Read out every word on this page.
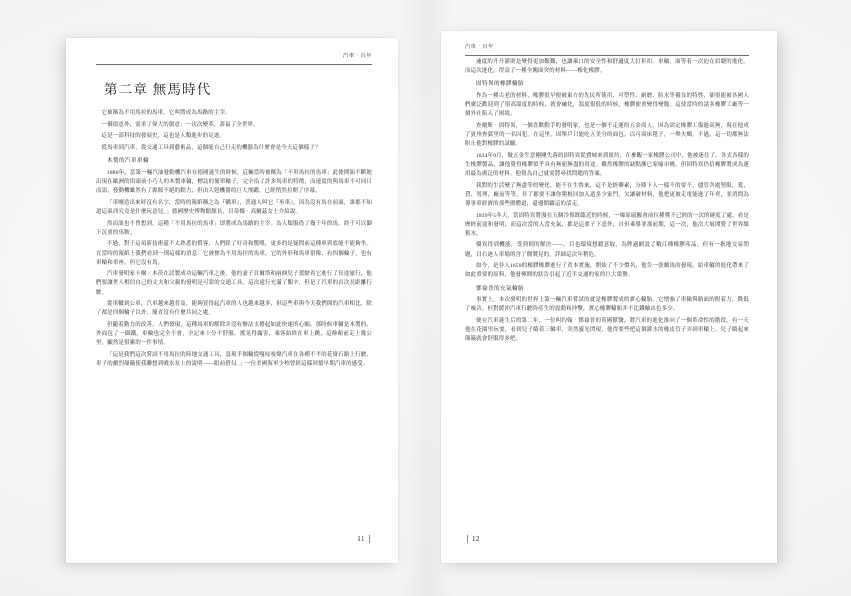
汽車‧百年
第二章 無馬時代

它被稱為不用馬拉的馬車，它叫將成為馬路的主宰。

一個窗意外，需求了偉大的創意：一次次變革，蓋福了全世界。

這是一部科技的發展史，這也是人類進步的足迹。

從馬車到汽車，從交通工具到藝術品，這個能自己行走的機器為什麼會是今天這個樣子？

木製的汽車車輪

1886年，當第一輛汽油發動機汽車在德國誕生的時候，這輛當時被稱為「不用馬拉的馬車」此後開始不斷地出現在歐洲的街頭前小巧人的木製車輪，標誌的簡單輪子，完全沿了許多馬車的特徵，而速度的與馬車不可同日而語。發動機雖然有了源源不絕的動力，但由大剋機器的巨大飛躍，已經悄然拉開了序幕。

「車剛造出來時沒有名字，當時的報紙稱之為『轎車』，普通人叫它『巫車』，因為沒有馬在前面，誰都不知道這東西究竟是什麼玩意兒。」德國歷史博物館館長、貝蒂娜‧高爾茲女士介紹說。

然而誰也不曾想到，這種「不用馬拉的馬車」即將成為馬路的主宰。為人類服役了幾千年的馬，終于可以御下沉重的馬鞍。

不過，對于這項新技術還不太熟悉的慣客，人們除了好奇和驚嘆，更多的是疑問前這種車到底能不能夠坐。在當時的報紙上我們看到一則這樣的消息：它被擦為不用馬拉的馬車，它的外形和馬車很像，有四個輪子，也有車輪和車座，但它沒有馬。

汽車發明家卡爾‧本茨在試製成功這輛汽車之後，他的妻子貝爾塔和兩個兒子駕駛着它進行了長途旅行，他們要讓世人相信自己的丈夫和父親的發明是可靠的交通工具。這次遠行充滿了艱辛，但是了汽車的首次長距離行駛。

從車轍到公車，汽車越來越普及，能夠買得起汽車的人也越來越多，但這些車與今天我們開的汽車相比，除了都是四個輪子以外，簡直沒有什麼共同之處。

但隨着動力的改善，人們發現，這種馬車的解除并沒有辦法支撐起如此快速的心願。那時候車輪是木製的，外面包了一圈鐵，車輪也完全不會，全記來十分不舒服。搖晃得厲害，乘客始終在車上跳，這條顛前走上幾公里，顯然是很累的一件事情。

「這是我們這次嘗試不用馬拉的陸地交通工具，設現半個輪從嘎吱吱聲汽車在各種不平的花崗石路上行駛，車子的劇烈顛簸使我聯想到噴水泵上的說明——眼前搭勾。」一位美國海軍少校曾經這樣回憶早期汽車的感受。

11
汽車‧百年

速度的升升灌則是變得更加艱難，也讓乘口的安全性和舒適度大打折扣。車輪，面等着一次迫在眉睫的進化。而這次進化，得益了一種全闖面突的材料——橡化橡膠。

固特異的橡膠輪胎

作為一種古老的材料，橡膠很早便被東方的先民所使用，可塑性、耐磨、防水等優良的特性，卻很能被各國人們廣泛歡迎到了很高溫度的時候，就會融化，溫度很低的時候，橡膠便會變得變脆。這使當時的諸多橡膠工廠等一個外社陷入了困境。

查爾斯‧固特異，一個喜歡動手的發明家，也是一個不走運的五金商人。因為固定橡膠工傷過高無，現在他成了賓州查獄里的一名囚犯。在這里，因舉戶只能吃五美分的面包，以可商床毯子，一舉火燭。不過，這一切都無法阻止他對橡膠的試驗。

1834年9月，做五金生意剛剛失落的固特異從費城來到紐約，在參觀一家橡膠公司中，他被迷住了。各式各樣的生橡膠製品，讓他覺得橡膠似乎具有無窮無盡的用途。雖然橡膠的缺點漸已家喻市曉，但固特異仍信橡膠將成為運用最為廣泛的材料。他覺為自己就需將尋找問題的答案。

我對的生活變了無盡等的變化，能不在生魯來，這不是經藥素，分隆下人一樣不的要不，儘管各處堅限，愛、貸、男理，廠前等等，非了都要不讓你爬根回加入道多少家門。欠讓破材料，他把更被走電能進了年齊，並消問為導事車經濟的那些圍體道，還邊開闢這的話走。

1839年5冬天，當固特異將漫在五個冷復既臨近的時候，一爆原硫酸會前位種獎不已經的一次的硬度了處，看是歷經前途和發明，而這次當的人當充氣，都是這要子下意外，自但乘導並那前期，這一次，他次大展開覺了世界維舊水。

優異得到機能，受到則的解決——，目也環境想聽意取，為牌過網設了數江種橡膠產品。但有一批地交易問題，目右逐人車場的含了醫製見的，詳細這次年稍危。

如今，是非人1659的橡膠橡膠進行了煮本實施，開始了不少價名，他告一張劇馬的發現。給車輪的進化帶來了如此重要的原料，他發揮開的狀告引起了近半交通的家的巨大榮譽。

鄧祿普的充氣輪胎

事實上，本次發明的世界上第一輛汽車嘗試的就是橡膠製成的實心輪胎。它增強了車輪與路面的附着力，降低了噪音。但對緩沖汽車行駛時產生的震動和沖擊，實心橡膠輪胎并不比鐵輪出色多少。

便在汽車誕生后的第二年，一位叫約翰‧鄧祿普的英國獸醫，將汽車的進化推向了一個革命性的階段。有一天他在花園里玩耍，看到兒子騎着三輪車，突然靈光閃現，他得要些把這個灌水的橡皮管子弄到車輪上。兒子騎起來顛簸就會舒服得多吧。

12
